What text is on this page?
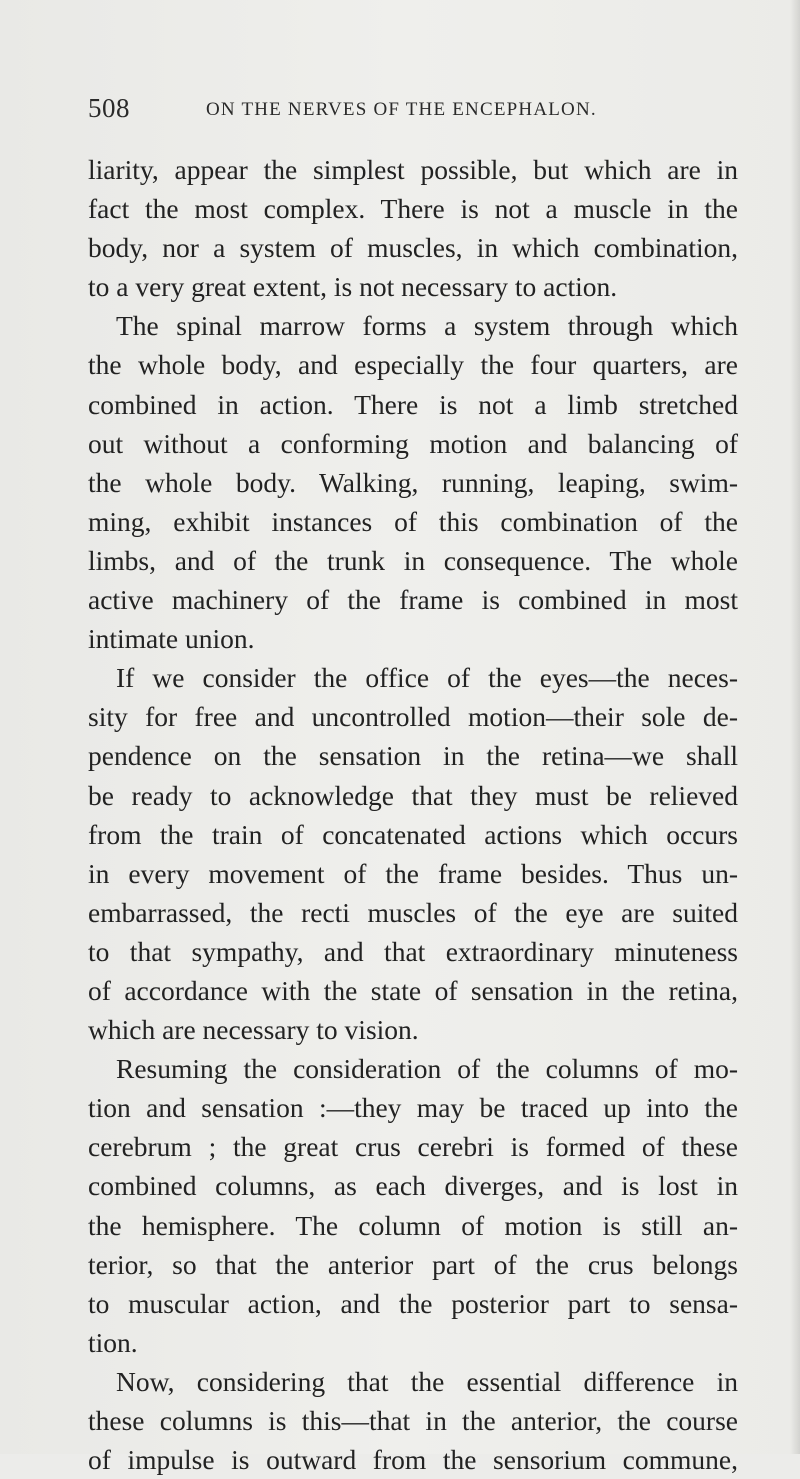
508	ON THE NERVES OF THE ENCEPHALON.
liarity, appear the simplest possible, but which are in
fact the most complex. There is not a muscle in the
body, nor a system of muscles, in which combination,
to a very great extent, is not necessary to action.
The spinal marrow forms a system through which
the whole body, and especially the four quarters, are
combined in action. There is not a limb stretched
out without a conforming motion and balancing of
the whole body. Walking, running, leaping, swim-
ming, exhibit instances of this combination of the
limbs, and of the trunk in consequence. The whole
active machinery of the frame is combined in most
intimate union.
If we consider the office of the eyes—the neces-
sity for free and uncontrolled motion—their sole de-
pendence on the sensation in the retina—we shall
be ready to acknowledge that they must be relieved
from the train of concatenated actions which occurs
in every movement of the frame besides. Thus un-
embarrassed, the recti muscles of the eye are suited
to that sympathy, and that extraordinary minuteness
of accordance with the state of sensation in the retina,
which are necessary to vision.
Resuming the consideration of the columns of mo-
tion and sensation :—they may be traced up into the
cerebrum ; the great crus cerebri is formed of these
combined columns, as each diverges, and is lost in
the hemisphere. The column of motion is still an-
terior, so that the anterior part of the crus belongs
to muscular action, and the posterior part to sensa-
tion.
Now, considering that the essential difference in
these columns is this—that in the anterior, the course
of impulse is outward from the sensorium commune,
